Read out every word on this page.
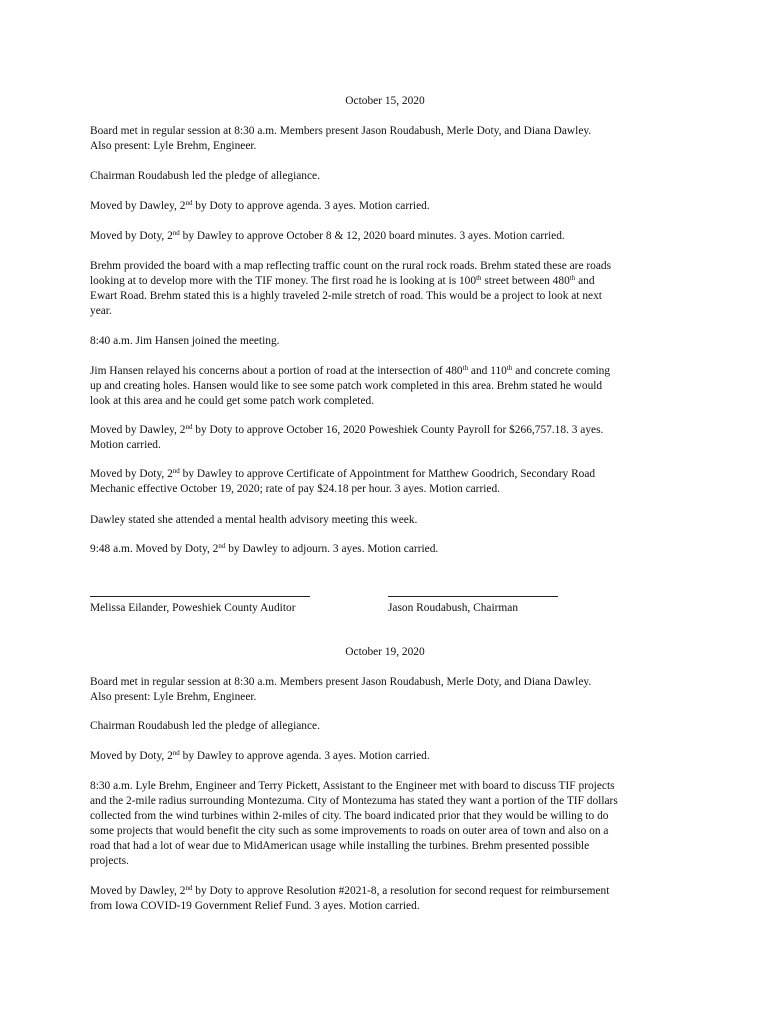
October 15, 2020

Board met in regular session at 8:30 a.m. Members present Jason Roudabush, Merle Doty, and Diana Dawley.

Also present: Lyle Brehm, Engineer.

Chairman Roudabush led the pledge of allegiance.

Moved by Dawley, 2nd by Doty to approve agenda. 3 ayes. Motion carried.

Moved by Doty, 2nd by Dawley to approve October 8 & 12, 2020 board minutes. 3 ayes. Motion carried.

Brehm provided the board with a map reflecting traffic count on the rural rock roads. Brehm stated these are roads

looking at to develop more with the TIF money. The first road he is looking at is 100th street between 480th and

Ewart Road. Brehm stated this is a highly traveled 2-mile stretch of road. This would be a project to look at next

year.

8:40 a.m. Jim Hansen joined the meeting.

Jim Hansen relayed his concerns about a portion of road at the intersection of 480th and 110th and concrete coming

up and creating holes. Hansen would like to see some patch work completed in this area. Brehm stated he would

look at this area and he could get some patch work completed.

Moved by Dawley, 2nd by Doty to approve October 16, 2020 Poweshiek County Payroll for $266,757.18. 3 ayes.

Motion carried.

Moved by Doty, 2nd by Dawley to approve Certificate of Appointment for Matthew Goodrich, Secondary Road

Mechanic effective October 19, 2020; rate of pay $24.18 per hour. 3 ayes. Motion carried.

Dawley stated she attended a mental health advisory meeting this week.

9:48 a.m. Moved by Doty, 2nd by Dawley to adjourn. 3 ayes. Motion carried.

Melissa Eilander, Poweshiek County Auditor	Jason Roudabush, Chairman

October 19, 2020

Board met in regular session at 8:30 a.m. Members present Jason Roudabush, Merle Doty, and Diana Dawley.

Also present: Lyle Brehm, Engineer.

Chairman Roudabush led the pledge of allegiance.

Moved by Doty, 2nd by Dawley to approve agenda. 3 ayes. Motion carried.

8:30 a.m. Lyle Brehm, Engineer and Terry Pickett, Assistant to the Engineer met with board to discuss TIF projects

and the 2-mile radius surrounding Montezuma. City of Montezuma has stated they want a portion of the TIF dollars

collected from the wind turbines within 2-miles of city. The board indicated prior that they would be willing to do

some projects that would benefit the city such as some improvements to roads on outer area of town and also on a

road that had a lot of wear due to MidAmerican usage while installing the turbines. Brehm presented possible

projects.

Moved by Dawley, 2nd by Doty to approve Resolution #2021-8, a resolution for second request for reimbursement

from Iowa COVID-19 Government Relief Fund. 3 ayes. Motion carried.
